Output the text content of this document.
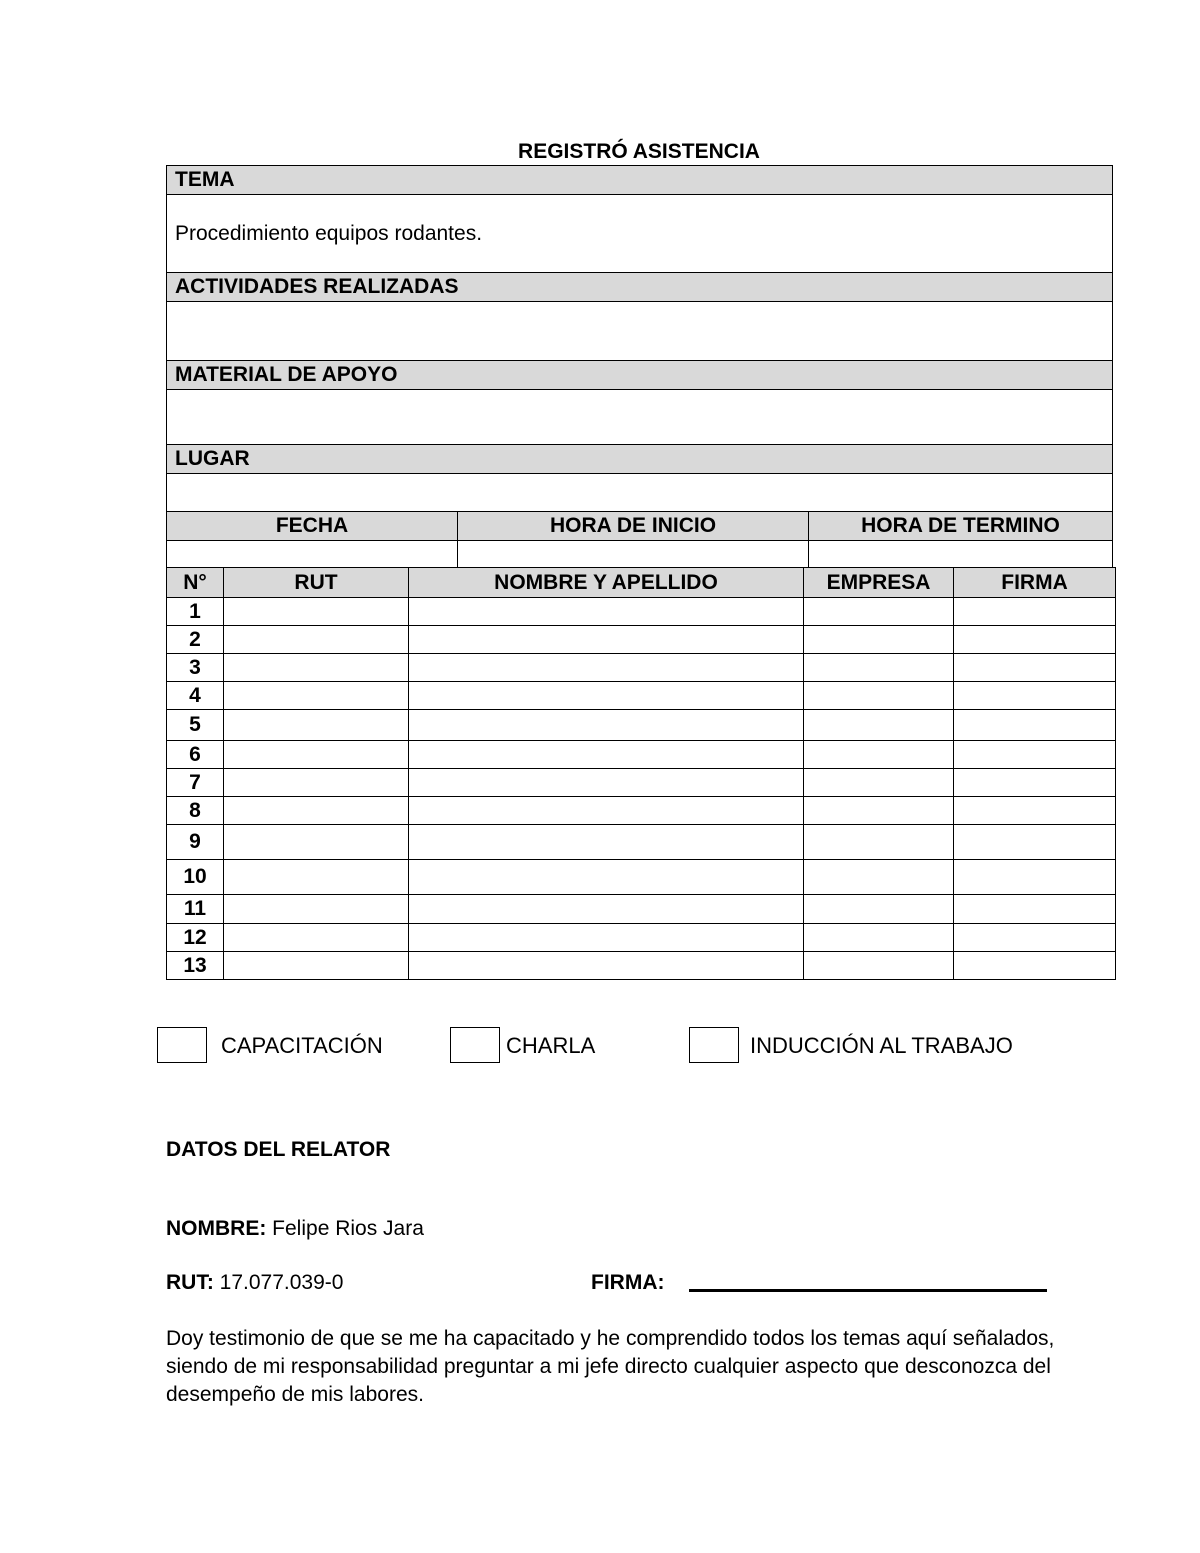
REGISTRÓ ASISTENCIA
TEMA		
Procedimiento equipos rodantes.		
ACTIVIDADES REALIZADAS		

MATERIAL DE APOYO		

LUGAR		

FECHA	HORA DE INICIO	HORA DE TERMINO

N°	RUT	NOMBRE Y APELLIDO	EMPRESA	FIRMA
1				
2				
3				
4				
5				
6				
7				
8				
9				
10				
11				
12				
13				
CAPACITACIÓN	CHARLA	INDUCCIÓN AL TRABAJO
DATOS DEL RELATOR
NOMBRE: Felipe Rios Jara
RUT: 17.077.039-0	FIRMA:
Doy testimonio de que se me ha capacitado y he comprendido todos los temas aquí señalados, siendo de mi responsabilidad preguntar a mi jefe directo cualquier aspecto que desconozca del desempeño de mis labores.
